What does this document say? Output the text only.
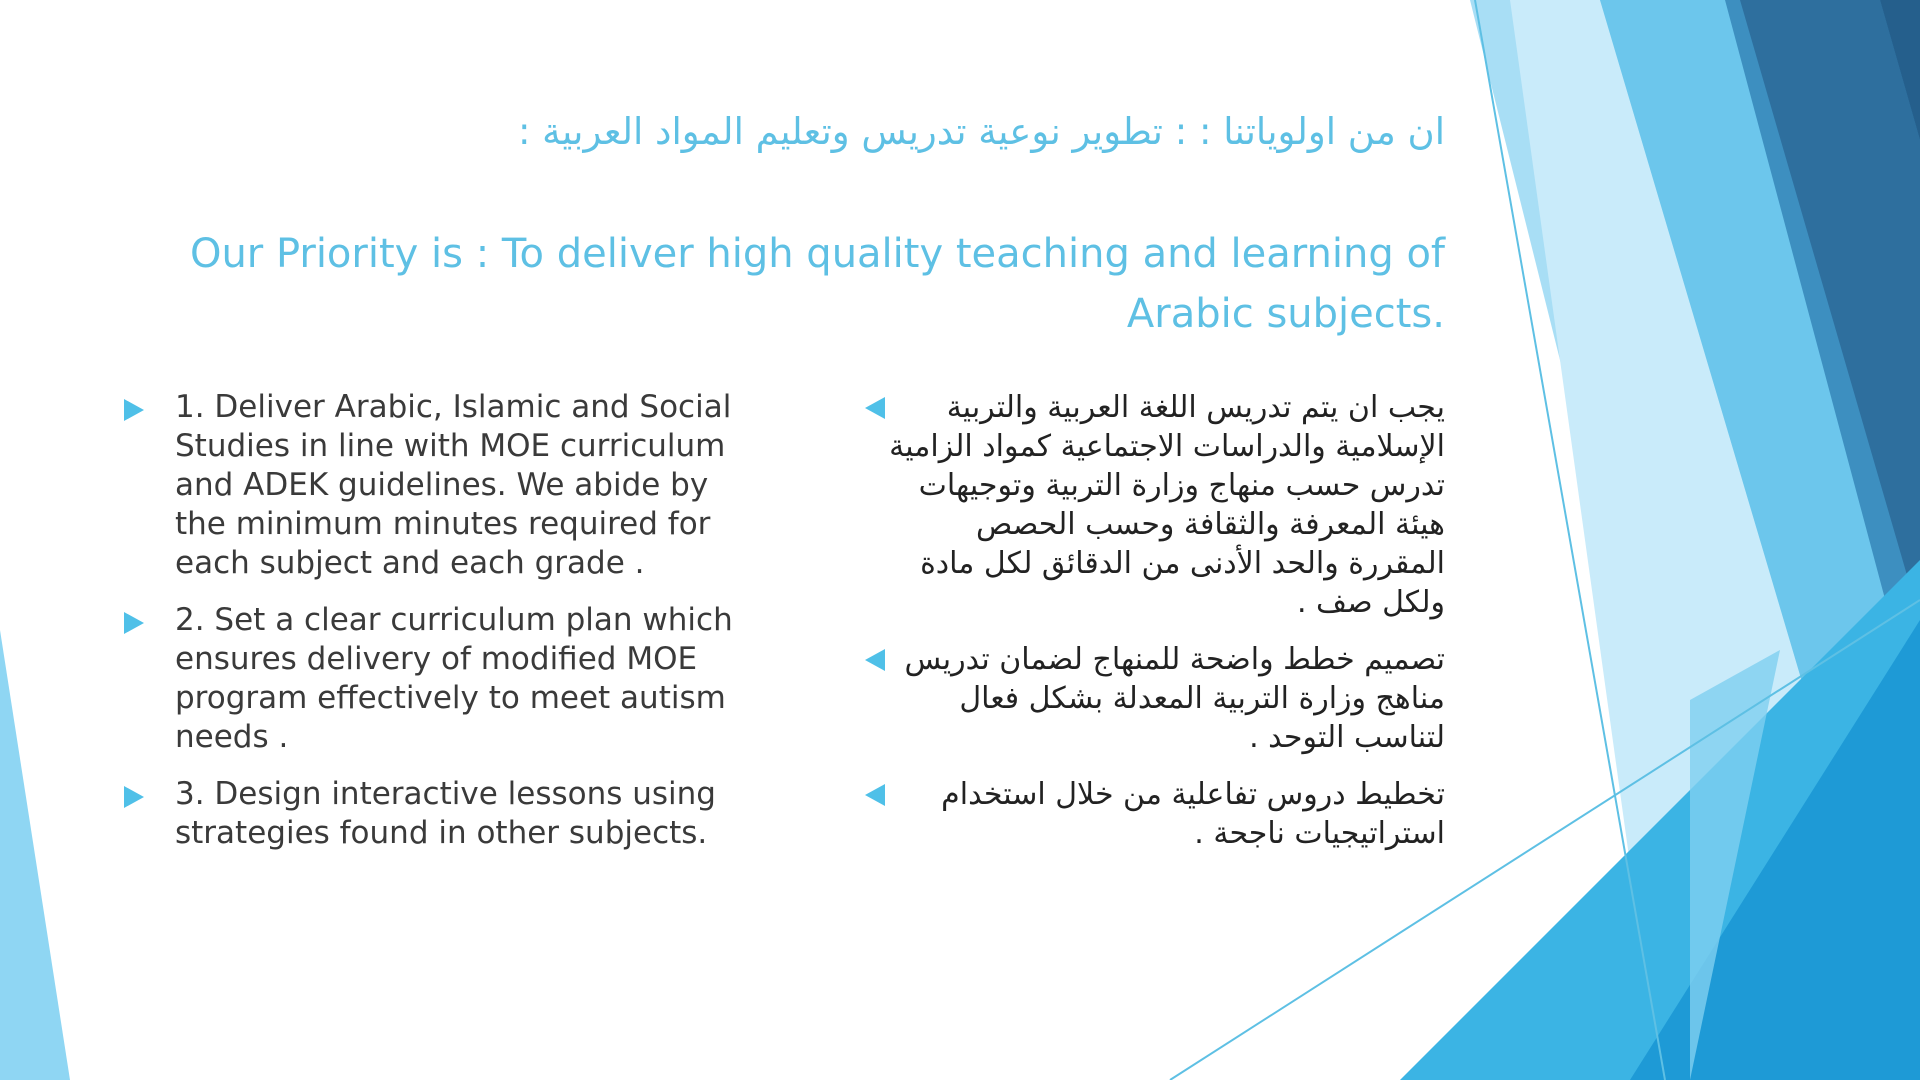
ان من اولوياتنا : : تطوير نوعية تدريس وتعليم المواد العربية :
Our Priority is : To deliver high quality teaching and learning of Arabic subjects.
1. Deliver Arabic, Islamic and Social Studies in line with MOE curriculum and ADEK guidelines. We abide by the minimum minutes required for each subject and each grade .
2. Set a clear curriculum plan which ensures delivery of modified MOE program effectively to meet autism needs .
3. Design interactive lessons using strategies found in other subjects.
يجب ان يتم تدريس اللغة العربية والتربية الإسلامية والدراسات الاجتماعية كمواد الزامية تدرس حسب منهاج وزارة التربية وتوجيهات هيئة المعرفة والثقافة وحسب الحصص المقررة والحد الأدنى من الدقائق لكل مادة ولكل صف .
تصميم خطط واضحة للمنهاج لضمان تدريس مناهج وزارة التربية المعدلة بشكل فعال لتناسب التوحد .
تخطيط دروس تفاعلية من خلال استخدام استراتيجيات ناجحة .
